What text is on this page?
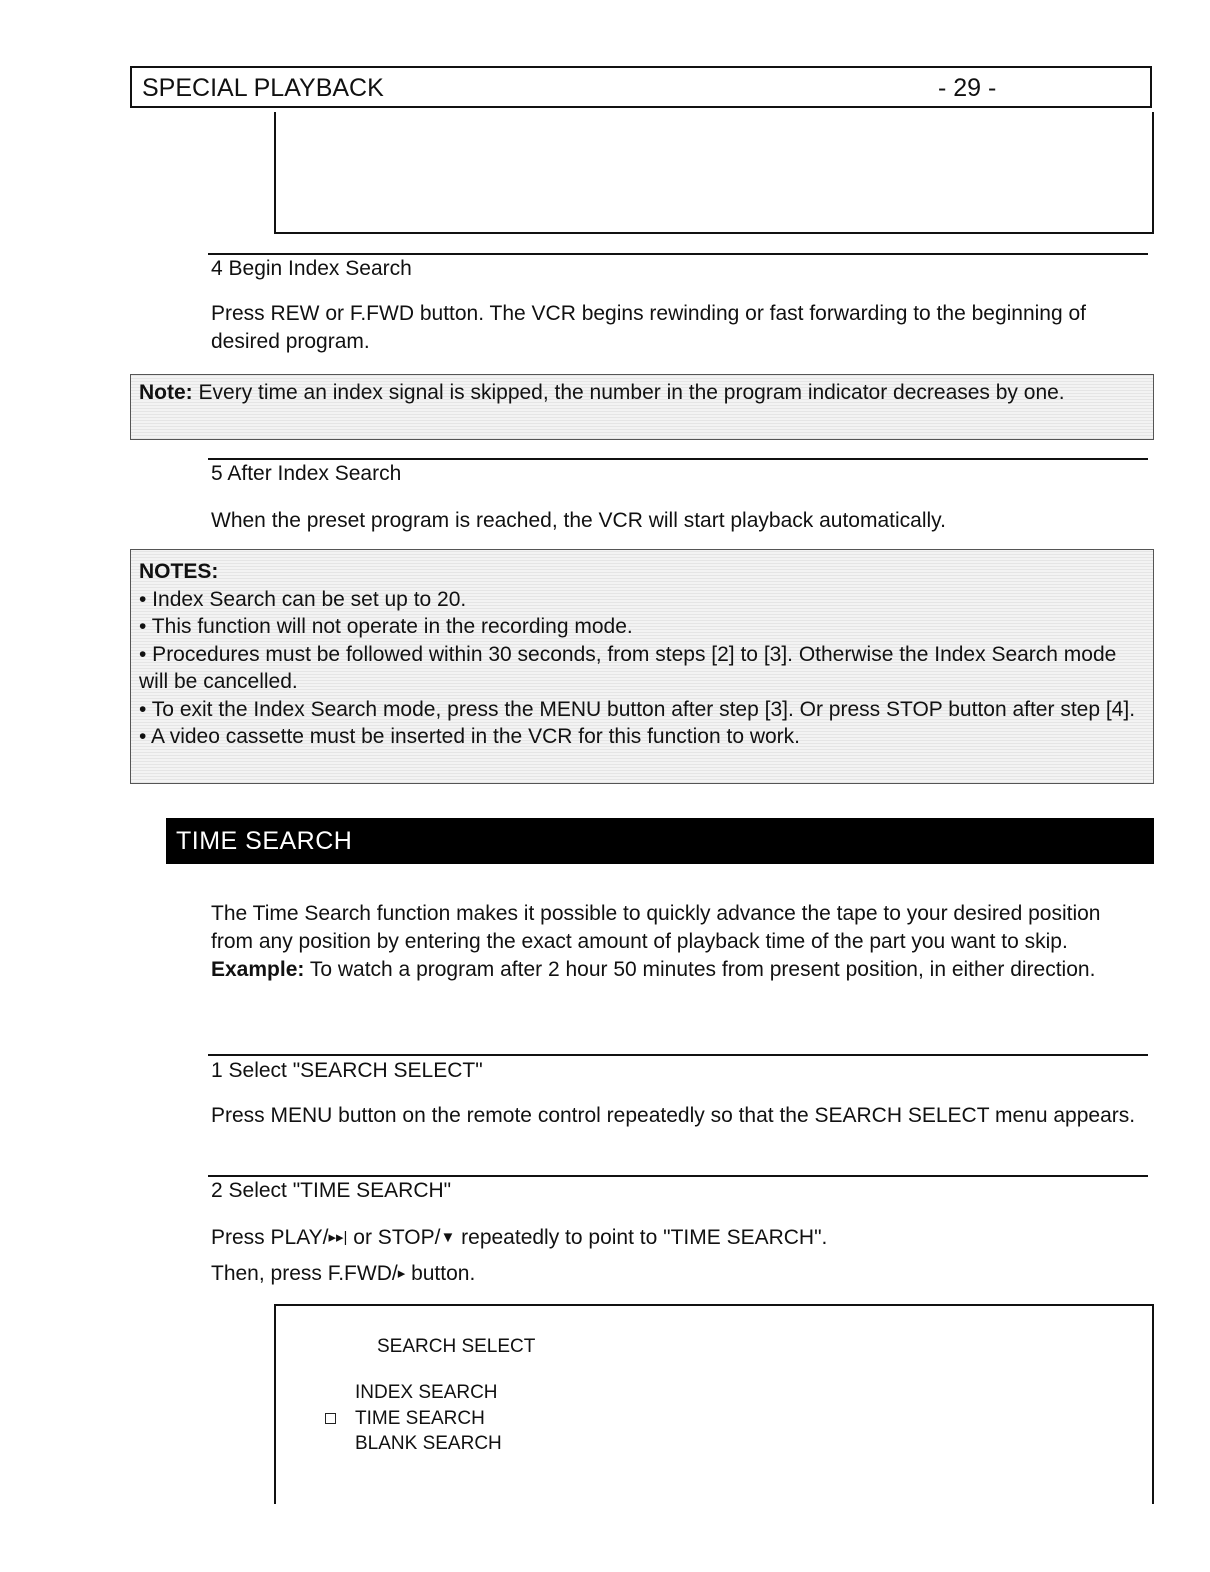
SPECIAL PLAYBACK	- 29 -
4 Begin Index Search
Press REW or F.FWD button. The VCR begins rewinding or fast forwarding to the beginning of desired program.
Note: Every time an index signal is skipped, the number in the program indicator decreases by one.
5 After Index Search
When the preset program is reached, the VCR will start playback automatically.
NOTES:
• Index Search can be set up to 20.
• This function will not operate in the recording mode.
• Procedures must be followed within 30 seconds, from steps [2] to [3]. Otherwise the Index Search mode will be cancelled.
• To exit the Index Search mode, press the MENU button after step [3]. Or press STOP button after step [4].
• A video cassette must be inserted in the VCR for this function to work.
TIME SEARCH
The Time Search function makes it possible to quickly advance the tape to your desired position from any position by entering the exact amount of playback time of the part you want to skip.
Example: To watch a program after 2 hour 50 minutes from present position, in either direction.
1 Select "SEARCH SELECT"
Press MENU button on the remote control repeatedly so that the SEARCH SELECT menu appears.
2 Select "TIME SEARCH"
Press PLAY/▸▸| or STOP/▼ repeatedly to point to "TIME SEARCH".
Then, press F.FWD/▸ button.
SEARCH SELECT
INDEX SEARCH
TIME SEARCH
BLANK SEARCH
